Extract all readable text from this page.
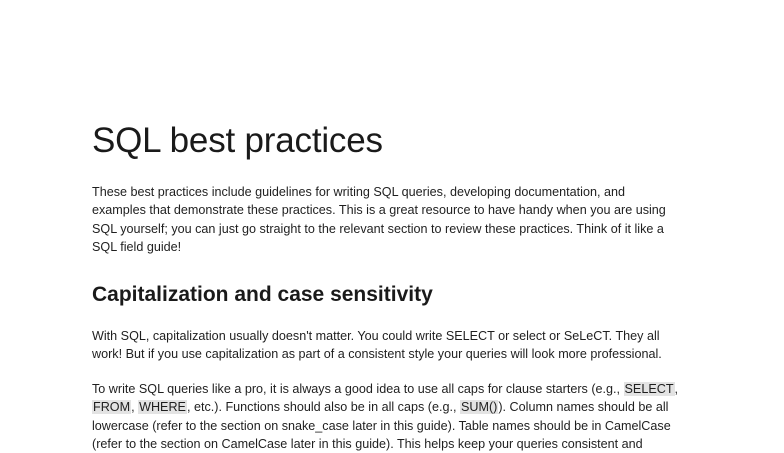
SQL best practices

These best practices include guidelines for writing SQL queries, developing documentation, and
examples that demonstrate these practices. This is a great resource to have handy when you are using
SQL yourself; you can just go straight to the relevant section to review these practices. Think of it like a
SQL field guide!

Capitalization and case sensitivity

With SQL, capitalization usually doesn't matter. You could write SELECT or select or SeLeCT. They all
work! But if you use capitalization as part of a consistent style your queries will look more professional.

To write SQL queries like a pro, it is always a good idea to use all caps for clause starters (e.g., SELECT,
FROM, WHERE, etc.). Functions should also be in all caps (e.g., SUM()). Column names should be all
lowercase (refer to the section on snake_case later in this guide). Table names should be in CamelCase
(refer to the section on CamelCase later in this guide). This helps keep your queries consistent and
